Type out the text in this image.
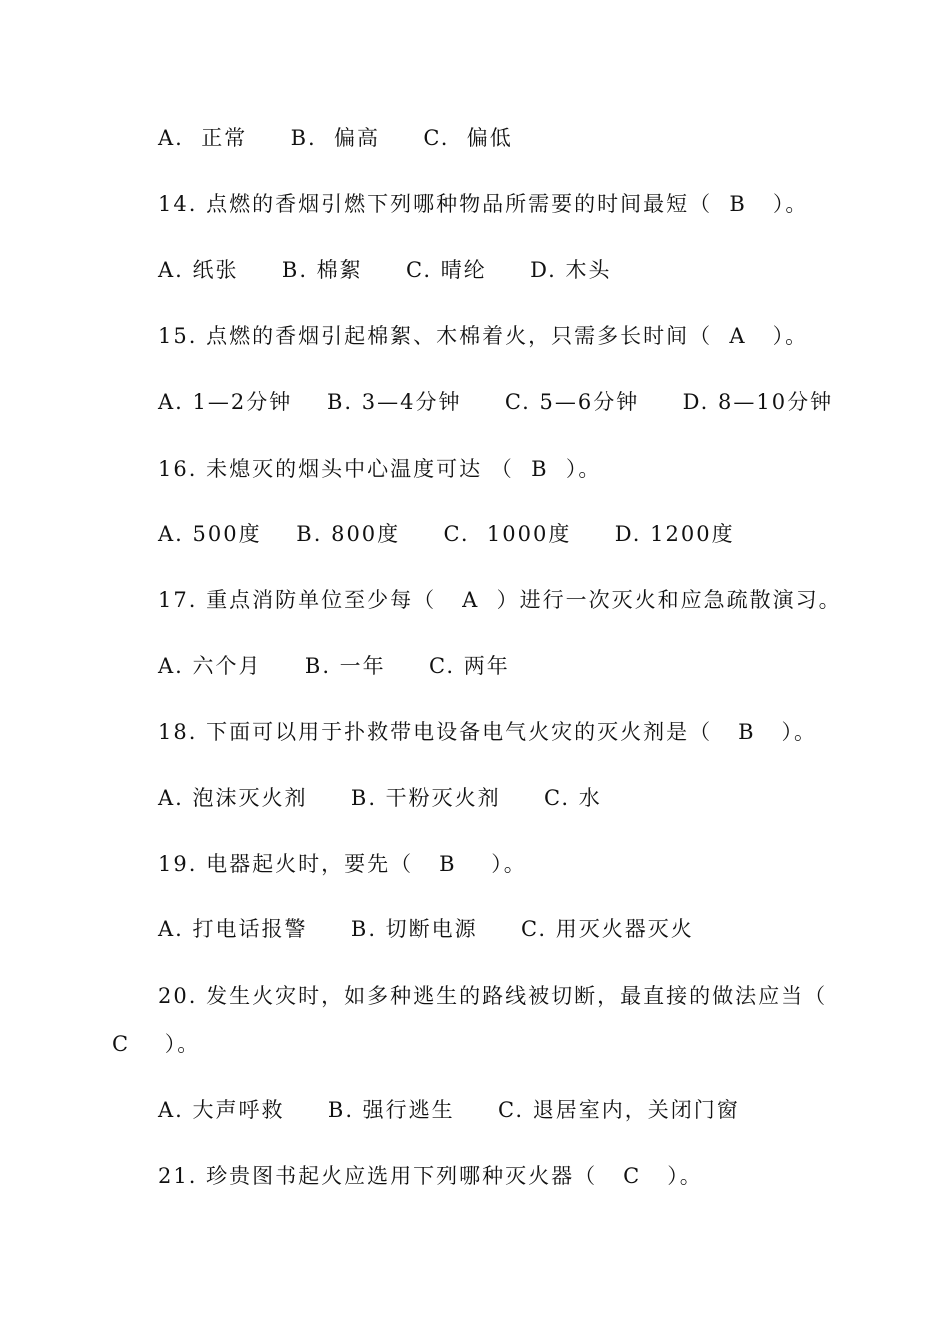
A.  正常     B.  偏高     C.  偏低
14. 点燃的香烟引燃下列哪种物品所需要的时间最短（  B   ）。
A. 纸张     B. 棉絮     C. 晴纶     D. 木头
15. 点燃的香烟引起棉絮、木棉着火，只需多长时间（  A   ）。
A. 1—2分钟    B. 3—4分钟     C. 5—6分钟     D. 8—10分钟
16. 未熄灭的烟头中心温度可达 （  B  ）。
A. 500度    B. 800度     C.  1000度     D. 1200度
17. 重点消防单位至少每（   A  ）进行一次灭火和应急疏散演习。
A. 六个月     B. 一年     C. 两年
18. 下面可以用于扑救带电设备电气火灾的灭火剂是（   B   ）。
A. 泡沫灭火剂     B. 干粉灭火剂     C. 水
19. 电器起火时，要先（   B    ）。
A. 打电话报警     B. 切断电源     C. 用灭火器灭火
20. 发生火灾时，如多种逃生的路线被切断，最直接的做法应当（
C    ）。
A. 大声呼救     B. 强行逃生     C. 退居室内，关闭门窗
21. 珍贵图书起火应选用下列哪种灭火器（   C   ）。
